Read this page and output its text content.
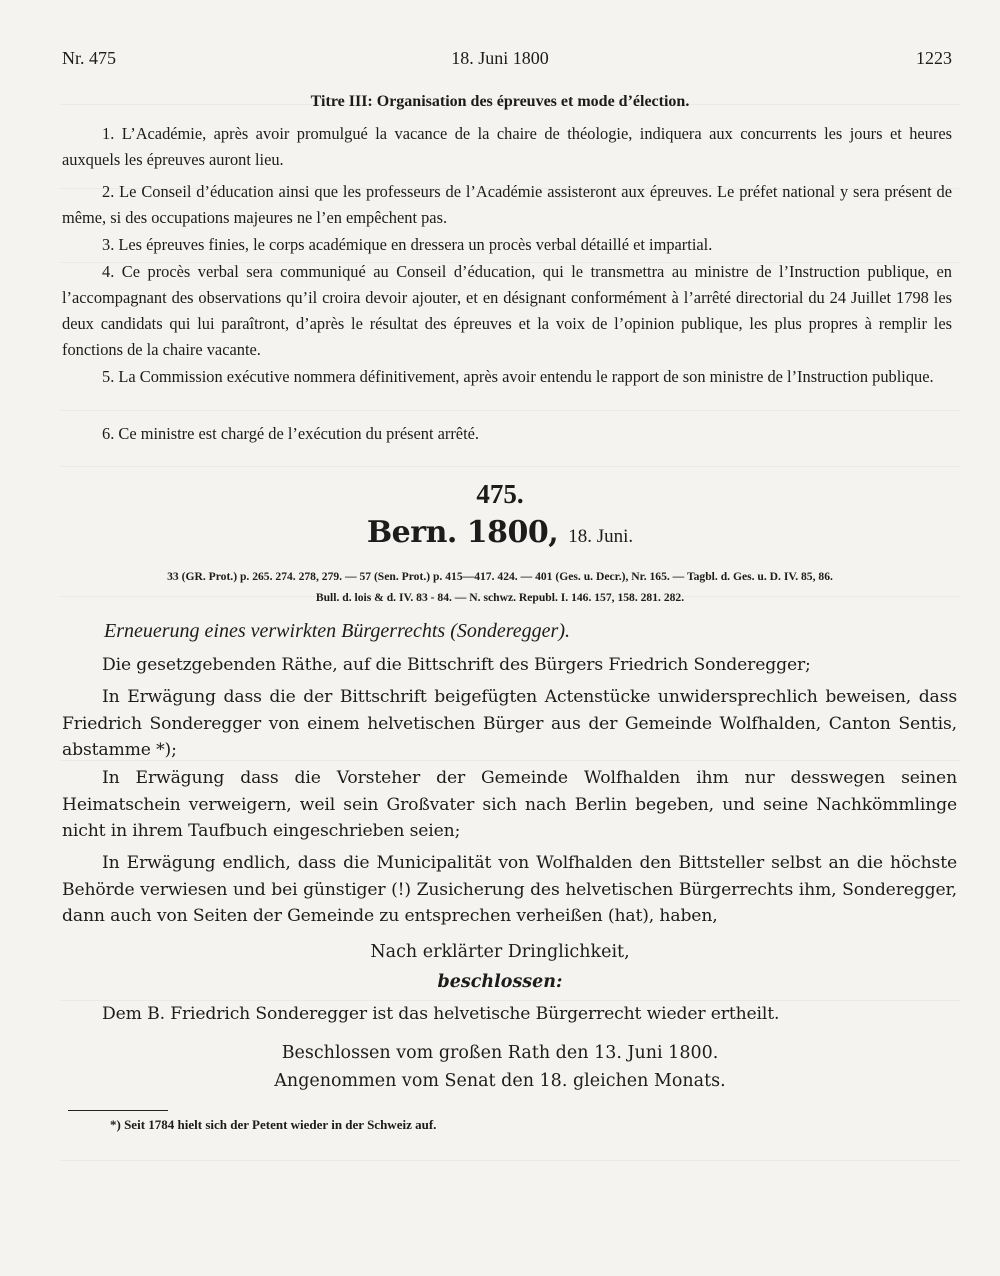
Nr. 475	18. Juni 1800	1223
Titre III: Organisation des épreuves et mode d’élection.
1. L’Académie, après avoir promulgué la vacance de la chaire de théologie, indiquera aux concurrents les jours et heures auxquels les épreuves auront lieu.
2. Le Conseil d’éducation ainsi que les professeurs de l’Académie assisteront aux épreuves. Le préfet national y sera présent de même, si des occupations majeures ne l’en empêchent pas.
3. Les épreuves finies, le corps académique en dressera un procès verbal détaillé et impartial.
4. Ce procès verbal sera communiqué au Conseil d’éducation, qui le transmettra au ministre de l’Instruction publique, en l’accompagnant des observations qu’il croira devoir ajouter, et en désignant conformément à l’arrêté directorial du 24 Juillet 1798 les deux candidats qui lui paraîtront, d’après le résultat des épreuves et la voix de l’opinion publique, les plus propres à remplir les fonctions de la chaire vacante.
5. La Commission exécutive nommera définitivement, après avoir entendu le rapport de son ministre de l’Instruction publique.
6. Ce ministre est chargé de l’exécution du présent arrêté.
475.
Bern. 1800, 18. Juni.
33 (GR. Prot.) p. 265. 274. 278, 279. — 57 (Sen. Prot.) p. 415—417. 424. — 401 (Ges. u. Decr.), Nr. 165. — Tagbl. d. Ges. u. D. IV. 85, 86.
Bull. d. lois & d. IV. 83 - 84. — N. schwz. Republ. I. 146. 157, 158. 281. 282.
Erneuerung eines verwirkten Bürgerrechts (Sonderegger).
Die gesetzgebenden Räthe, auf die Bittschrift des Bürgers Friedrich Sonderegger;
In Erwägung dass die der Bittschrift beigefügten Actenstücke unwidersprechlich beweisen, dass Friedrich Sonderegger von einem helvetischen Bürger aus der Gemeinde Wolfhalden, Canton Sentis, abstamme *);
In Erwägung dass die Vorsteher der Gemeinde Wolfhalden ihm nur desswegen seinen Heimatschein verweigern, weil sein Großvater sich nach Berlin begeben, und seine Nachkömmlinge nicht in ihrem Taufbuch eingeschrieben seien;
In Erwägung endlich, dass die Municipalität von Wolfhalden den Bittsteller selbst an die höchste Behörde verwiesen und bei günstiger (!) Zusicherung des helvetischen Bürgerrechts ihm, Sonderegger, dann auch von Seiten der Gemeinde zu entsprechen verheißen (hat), haben,
Nach erklärter Dringlichkeit,
beschlossen:
Dem B. Friedrich Sonderegger ist das helvetische Bürgerrecht wieder ertheilt.
Beschlossen vom großen Rath den 13. Juni 1800.
Angenommen vom Senat den 18. gleichen Monats.
*) Seit 1784 hielt sich der Petent wieder in der Schweiz auf.
